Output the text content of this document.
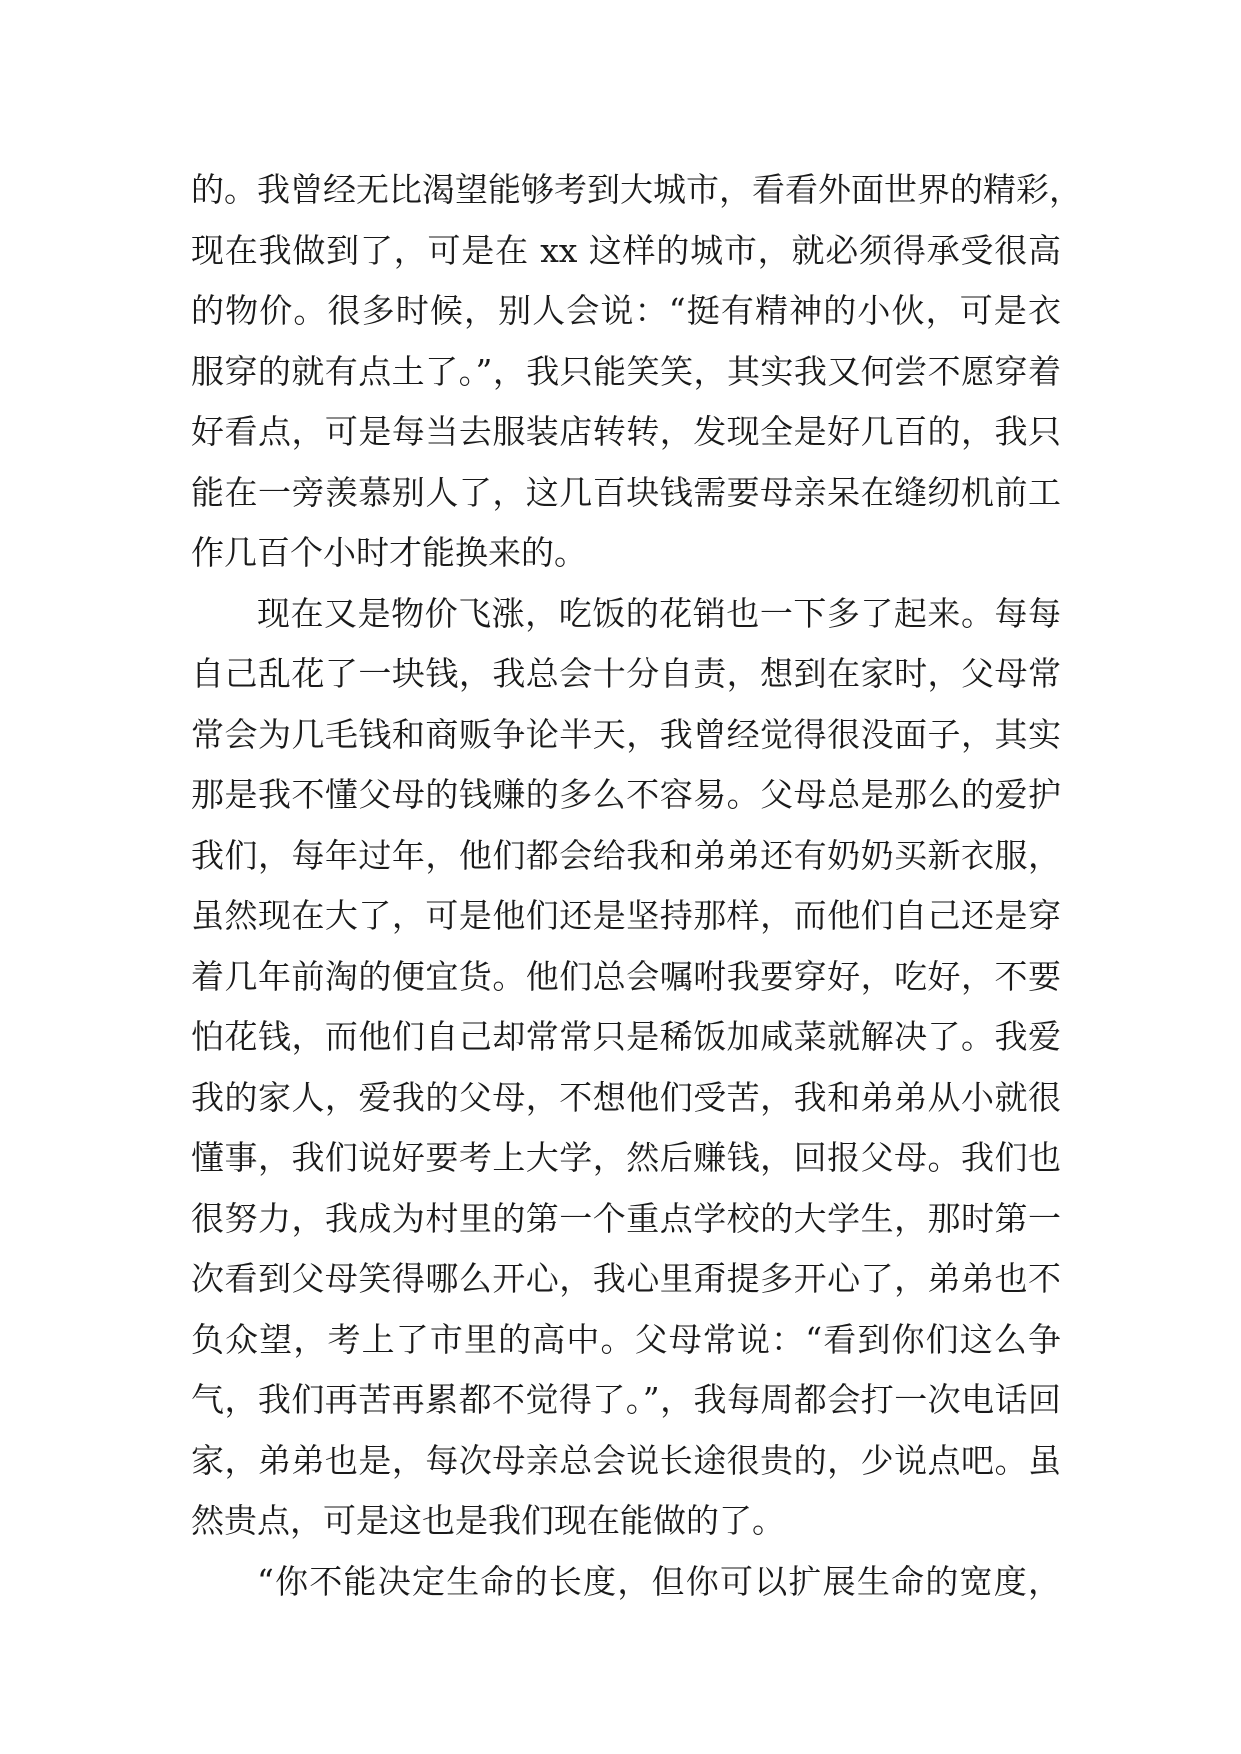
的。我曾经无比渴望能够考到大城市，看看外面世界的精彩，
现在我做到了，可是在 xx 这样的城市，就必须得承受很高
的物价。很多时候，别人会说：“挺有精神的小伙，可是衣
服穿的就有点土了。”，我只能笑笑，其实我又何尝不愿穿着
好看点，可是每当去服装店转转，发现全是好几百的，我只
能在一旁羡慕别人了，这几百块钱需要母亲呆在缝纫机前工
作几百个小时才能换来的。
现在又是物价飞涨，吃饭的花销也一下多了起来。每每
自己乱花了一块钱，我总会十分自责，想到在家时，父母常
常会为几毛钱和商贩争论半天，我曾经觉得很没面子，其实
那是我不懂父母的钱赚的多么不容易。父母总是那么的爱护
我们，每年过年，他们都会给我和弟弟还有奶奶买新衣服，
虽然现在大了，可是他们还是坚持那样，而他们自己还是穿
着几年前淘的便宜货。他们总会嘱咐我要穿好，吃好，不要
怕花钱，而他们自己却常常只是稀饭加咸菜就解决了。我爱
我的家人，爱我的父母，不想他们受苦，我和弟弟从小就很
懂事，我们说好要考上大学，然后赚钱，回报父母。我们也
很努力，我成为村里的第一个重点学校的大学生，那时第一
次看到父母笑得哪么开心，我心里甭提多开心了，弟弟也不
负众望，考上了市里的高中。父母常说：“看到你们这么争
气，我们再苦再累都不觉得了。”，我每周都会打一次电话回
家，弟弟也是，每次母亲总会说长途很贵的，少说点吧。虽
然贵点，可是这也是我们现在能做的了。
“你不能决定生命的长度，但你可以扩展生命的宽度，
